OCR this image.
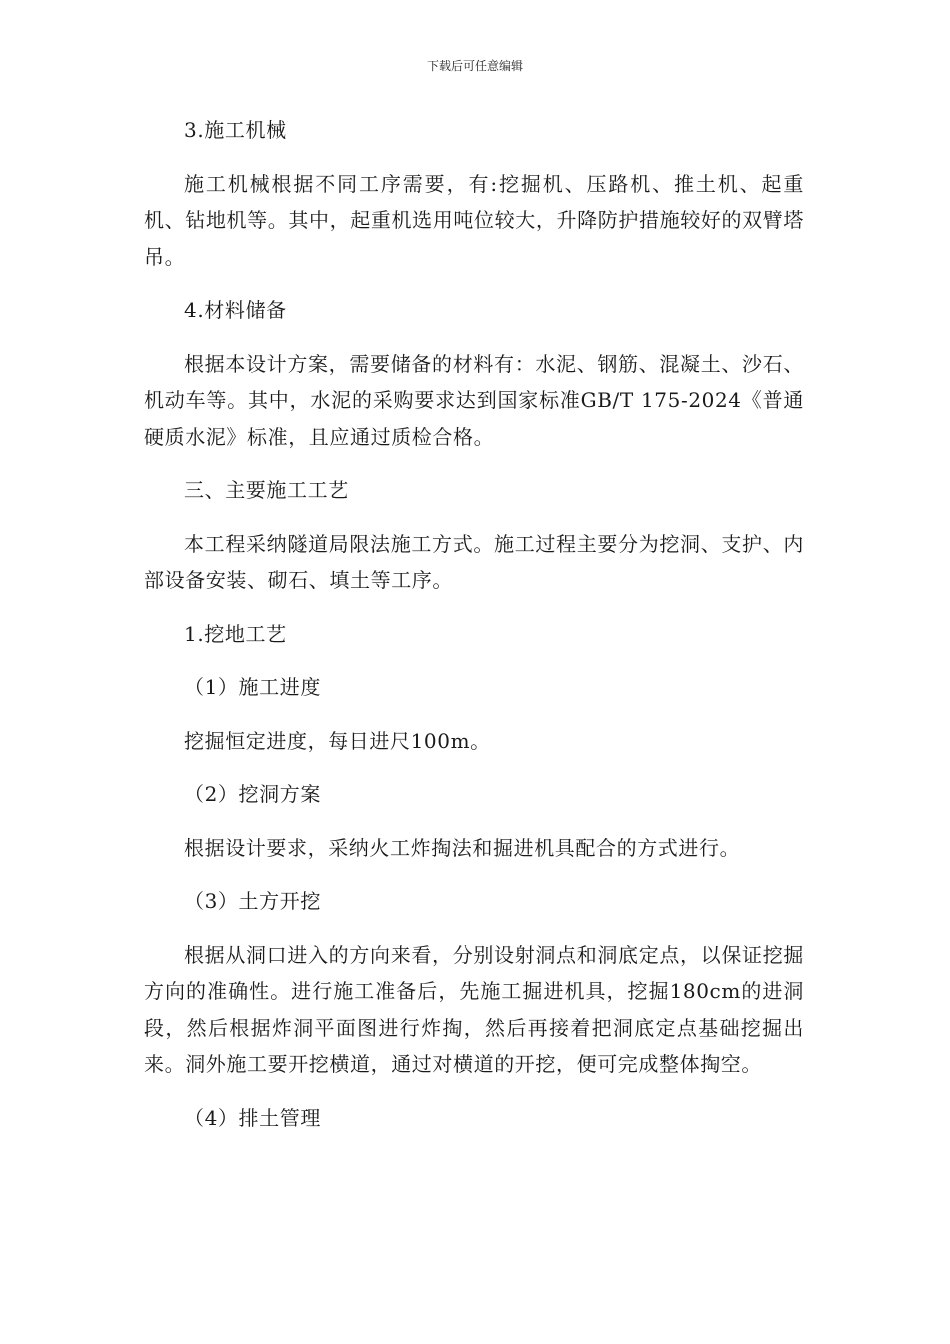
下载后可任意编辑

3.施工机械

施工机械根据不同工序需要，有:挖掘机、压路机、推土机、起重机、钻地机等。其中，起重机选用吨位较大，升降防护措施较好的双臂塔吊。

4.材料储备

根据本设计方案，需要储备的材料有：水泥、钢筋、混凝土、沙石、机动车等。其中，水泥的采购要求达到国家标准GB/T 175-2024《普通硬质水泥》标准，且应通过质检合格。

三、主要施工工艺

本工程采纳隧道局限法施工方式。施工过程主要分为挖洞、支护、内部设备安装、砌石、填土等工序。

1.挖地工艺

（1）施工进度

挖掘恒定进度，每日进尺100m。

（2）挖洞方案

根据设计要求，采纳火工炸掏法和掘进机具配合的方式进行。

（3）土方开挖

根据从洞口进入的方向来看，分别设射洞点和洞底定点，以保证挖掘方向的准确性。进行施工准备后，先施工掘进机具，挖掘180cm的进洞段，然后根据炸洞平面图进行炸掏，然后再接着把洞底定点基础挖掘出来。洞外施工要开挖横道，通过对横道的开挖，便可完成整体掏空。

（4）排土管理
